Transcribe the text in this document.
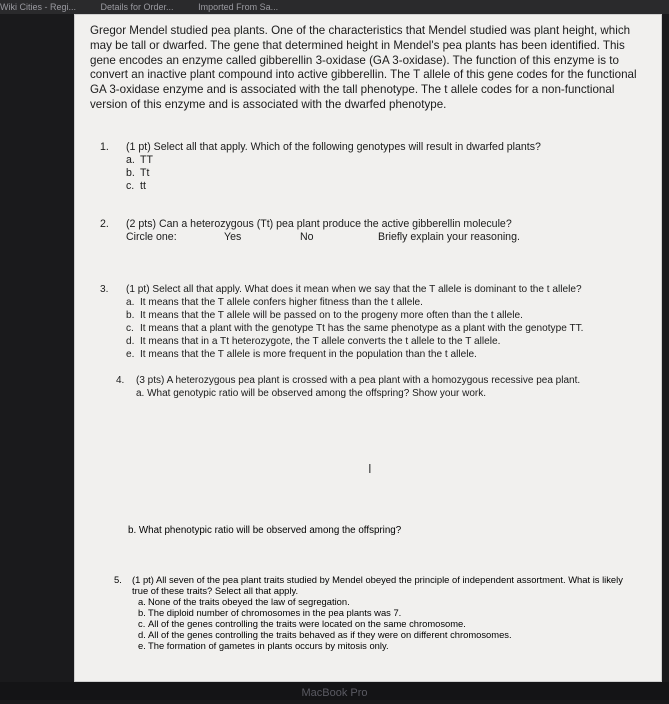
Wiki Cities - Regi...	Details for Order...	Imported From Sa...

Gregor Mendel studied pea plants. One of the characteristics that Mendel studied was plant height, which may be tall or dwarfed. The gene that determined height in Mendel's pea plants has been identified. This gene encodes an enzyme called gibberellin 3-oxidase (GA 3-oxidase). The function of this enzyme is to convert an inactive plant compound into active gibberellin. The T allele of this gene codes for the functional GA 3-oxidase enzyme and is associated with the tall phenotype. The t allele codes for a non-functional version of this enzyme and is associated with the dwarfed phenotype.

1. (1 pt) Select all that apply. Which of the following genotypes will result in dwarfed plants?
a. TT
b. Tt
c. tt
2. (2 pts) Can a heterozygous (Tt) pea plant produce the active gibberellin molecule?
Circle one:	Yes	No	Briefly explain your reasoning.
3.	(1 pt) Select all that apply. What does it mean when we say that the T allele is dominant to the t allele?
a. It means that the T allele confers higher fitness than the t allele.
b. It means that the T allele will be passed on to the progeny more often than the t allele.
c. It means that a plant with the genotype Tt has the same phenotype as a plant with the genotype TT.
d. It means that in a Tt heterozygote, the T allele converts the t allele to the T allele.
e. It means that the T allele is more frequent in the population than the t allele.
4. (3 pts) A heterozygous pea plant is crossed with a pea plant with a homozygous recessive pea plant.
a. What genotypic ratio will be observed among the offspring? Show your work.
I
b. What phenotypic ratio will be observed among the offspring?
5. (1 pt) All seven of the pea plant traits studied by Mendel obeyed the principle of independent assortment. What is likely true of these traits? Select all that apply.
a. None of the traits obeyed the law of segregation.
b. The diploid number of chromosomes in the pea plants was 7.
c. All of the genes controlling the traits were located on the same chromosome.
d. All of the genes controlling the traits behaved as if they were on different chromosomes.
e. The formation of gametes in plants occurs by mitosis only.
MacBook Pro
